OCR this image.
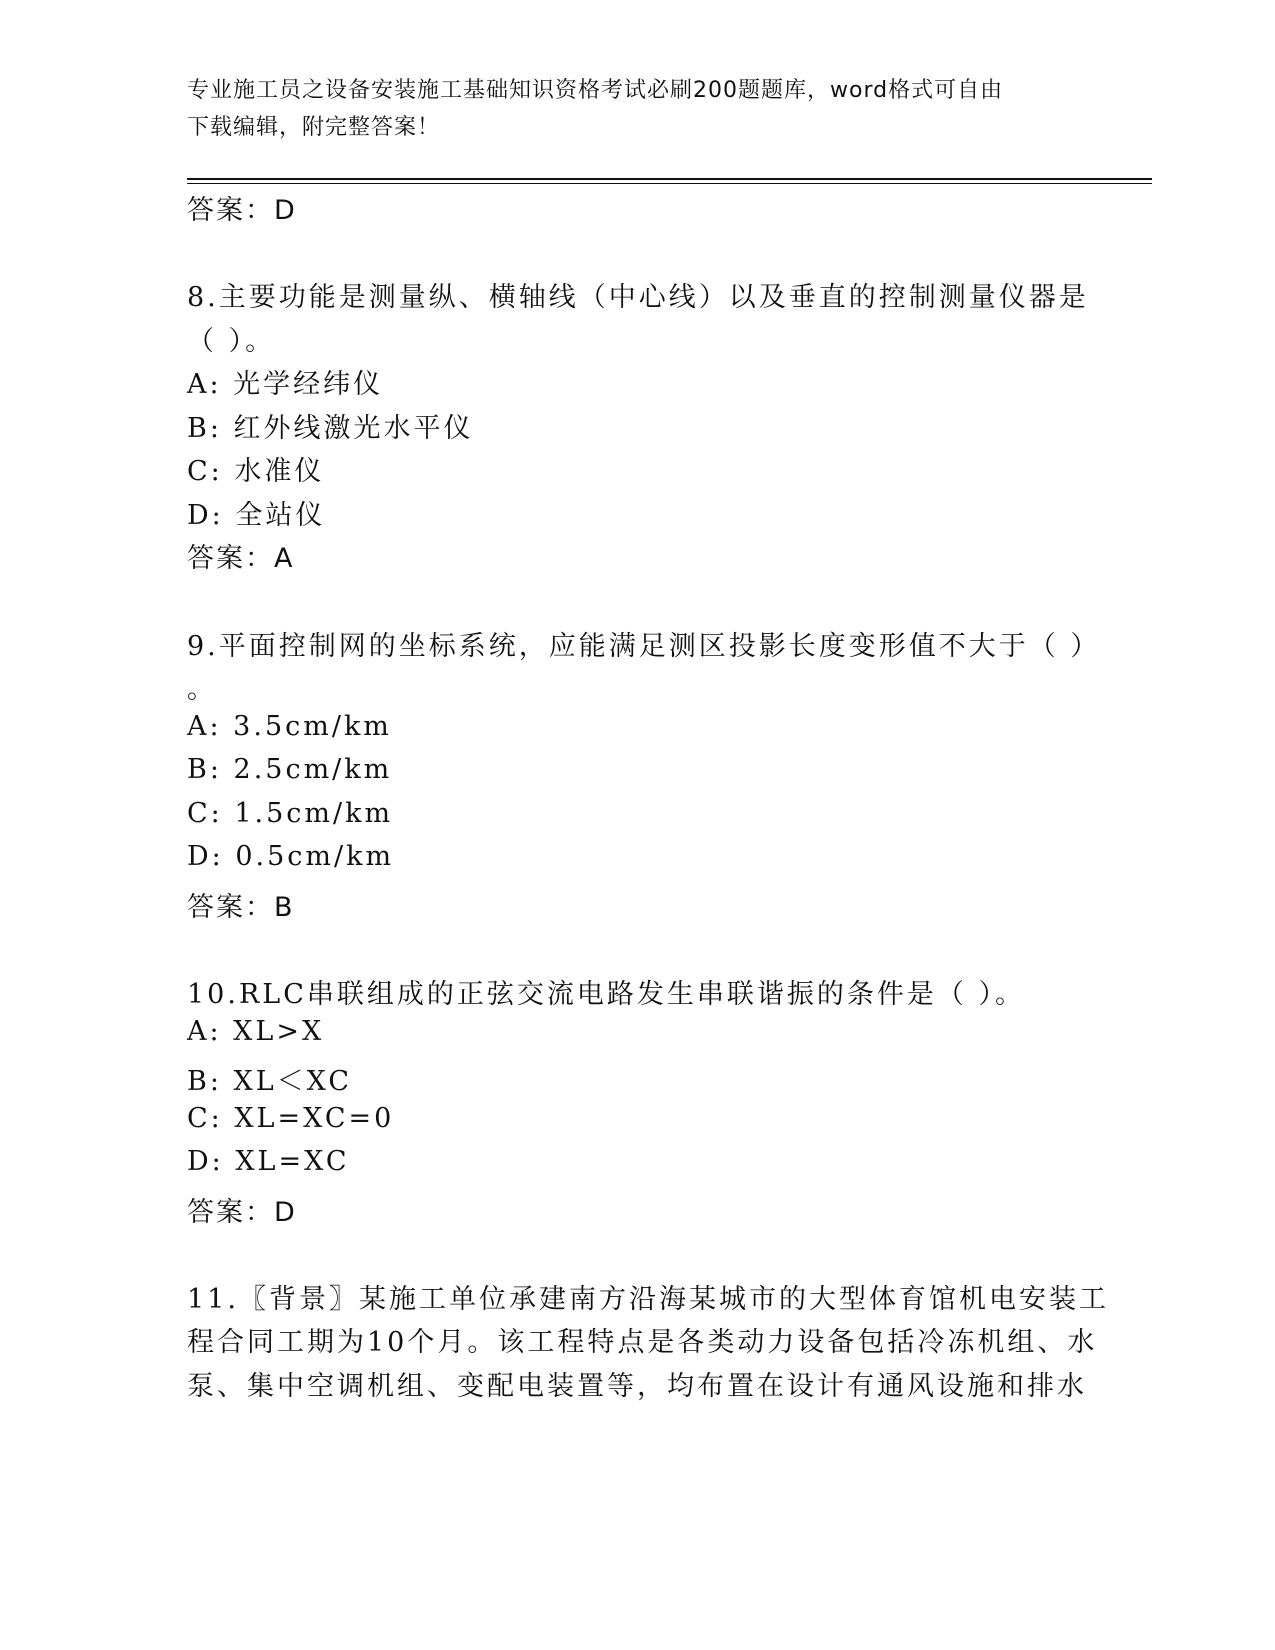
专业施工员之设备安装施工基础知识资格考试必刷200题题库，word格式可自由
下载编辑，附完整答案！
答案：D
8.主要功能是测量纵、横轴线（中心线）以及垂直的控制测量仪器是
（ ）。
A: 光学经纬仪
B: 红外线激光水平仪
C: 水准仪
D: 全站仪
答案：A
9.平面控制网的坐标系统，应能满足测区投影长度变形值不大于（ ）
。
A: 3.5cm/km
B: 2.5cm/km
C: 1.5cm/km
D: 0.5cm/km
答案：B
10.RLC串联组成的正弦交流电路发生串联谐振的条件是（ ）。
A: XL>X
B: XL＜XC
C: XL=XC=0
D: XL=XC
答案：D
11.〖背景〗某施工单位承建南方沿海某城市的大型体育馆机电安装工
程合同工期为10个月。该工程特点是各类动力设备包括冷冻机组、水
泵、集中空调机组、变配电装置等，均布置在设计有通风设施和排水
